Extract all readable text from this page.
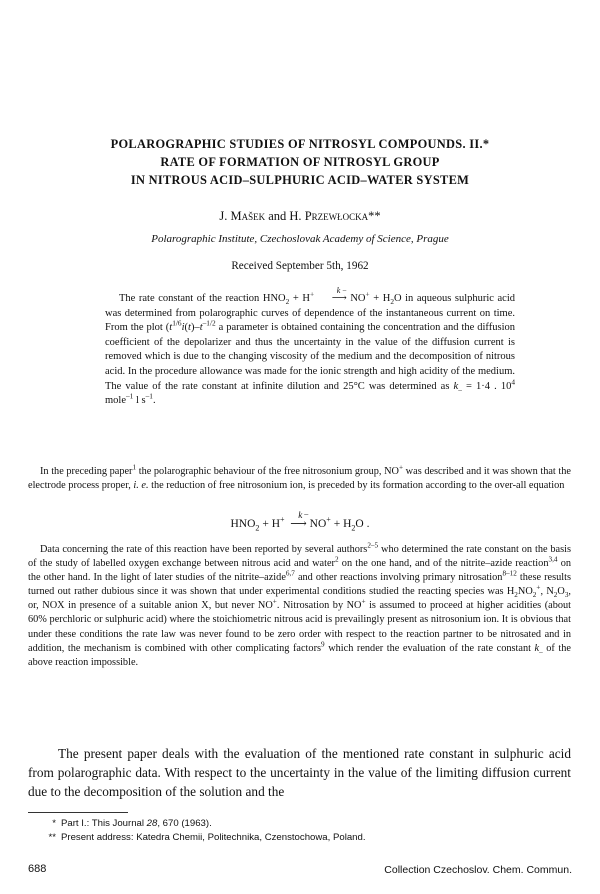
POLAROGRAPHIC STUDIES OF NITROSYL COMPOUNDS. II.*
RATE OF FORMATION OF NITROSYL GROUP
IN NITROUS ACID–SULPHURIC ACID–WATER SYSTEM
J. Mašek and H. Przewłocka**
Polarographic Institute, Czechoslovak Academy of Science, Prague
Received September 5th, 1962

The rate constant of the reaction $HNO_2 + H^+$	k –
⟶ $NO^+ + H_2O$ in aqueous sulphuric acid was determined from polarographic curves of dependence of the instantaneous current on time. From the plot ($t^{1/6}i(t)-t^{-1/2}$ a parameter is obtained containing the concentration and the diffusion coefficient of the depolarizer and thus the uncertainty in the value of the diffusion current is removed which is due to the changing viscosity of the medium and the decomposition of nitrous acid. In the procedure allowance was made for the ionic strength and high acidity of the medium. The value of the rate constant at infinite dilution and 25°C was determined as $k_- = 1\cdot 4$ . $10^4$ mole$^{-1}$ l $s^{-1}$.

In the preceding paper$^1$ the polarographic behaviour of the free nitrosonium group, NO+ was described and it was shown that the electrode process proper, i. e. the reduction of free nitrosonium ion, is preceded by its formation according to the over-all equation

$HNO_2 + H^+$ k –
⟶ $NO^+ + H_2O$ .

Data concerning the rate of this reaction have been reported by several authors$^{2-5}$ who determined the rate constant on the basis of the study of labelled oxygen exchange between nitrous acid and water$^2$ on the one hand, and of the nitrite–azide reaction$^{3,4}$ on the other hand. In the light of later studies of the nitrite–azide$^{6,7}$ and other reactions involving primary nitrosation$^{8-12}$ these results turned out rather dubious since it was shown that under experimental conditions studied the reacting species was $H_2NO_2^+$, $N_2O_3$, or, NOX in presence of a suitable anion X, but never NO+. Nitrosation by NO+ is assumed to proceed at higher acidities (about 60% perchloric or sulphuric acid) where the stoichiometric nitrous acid is prevailingly present as nitrosonium ion. It is obvious that under these conditions the rate law was never found to be zero order with respect to the reaction partner to be nitrosated and in addition, the mechanism is combined with other complicating factors$^9$ which render the evaluation of the rate constant $k_-$ of the above reaction impossible.

The present paper deals with the evaluation of the mentioned rate constant in sulphuric acid from polarographic data. With respect to the uncertainty in the value of the limiting diffusion current due to the decomposition of the solution and the

* Part I.: This Journal 28, 670 (1963).
** Present address: Katedra Chemii, Politechnika, Czenstochowa, Poland.
688	Collection Czechoslov. Chem. Commun.
